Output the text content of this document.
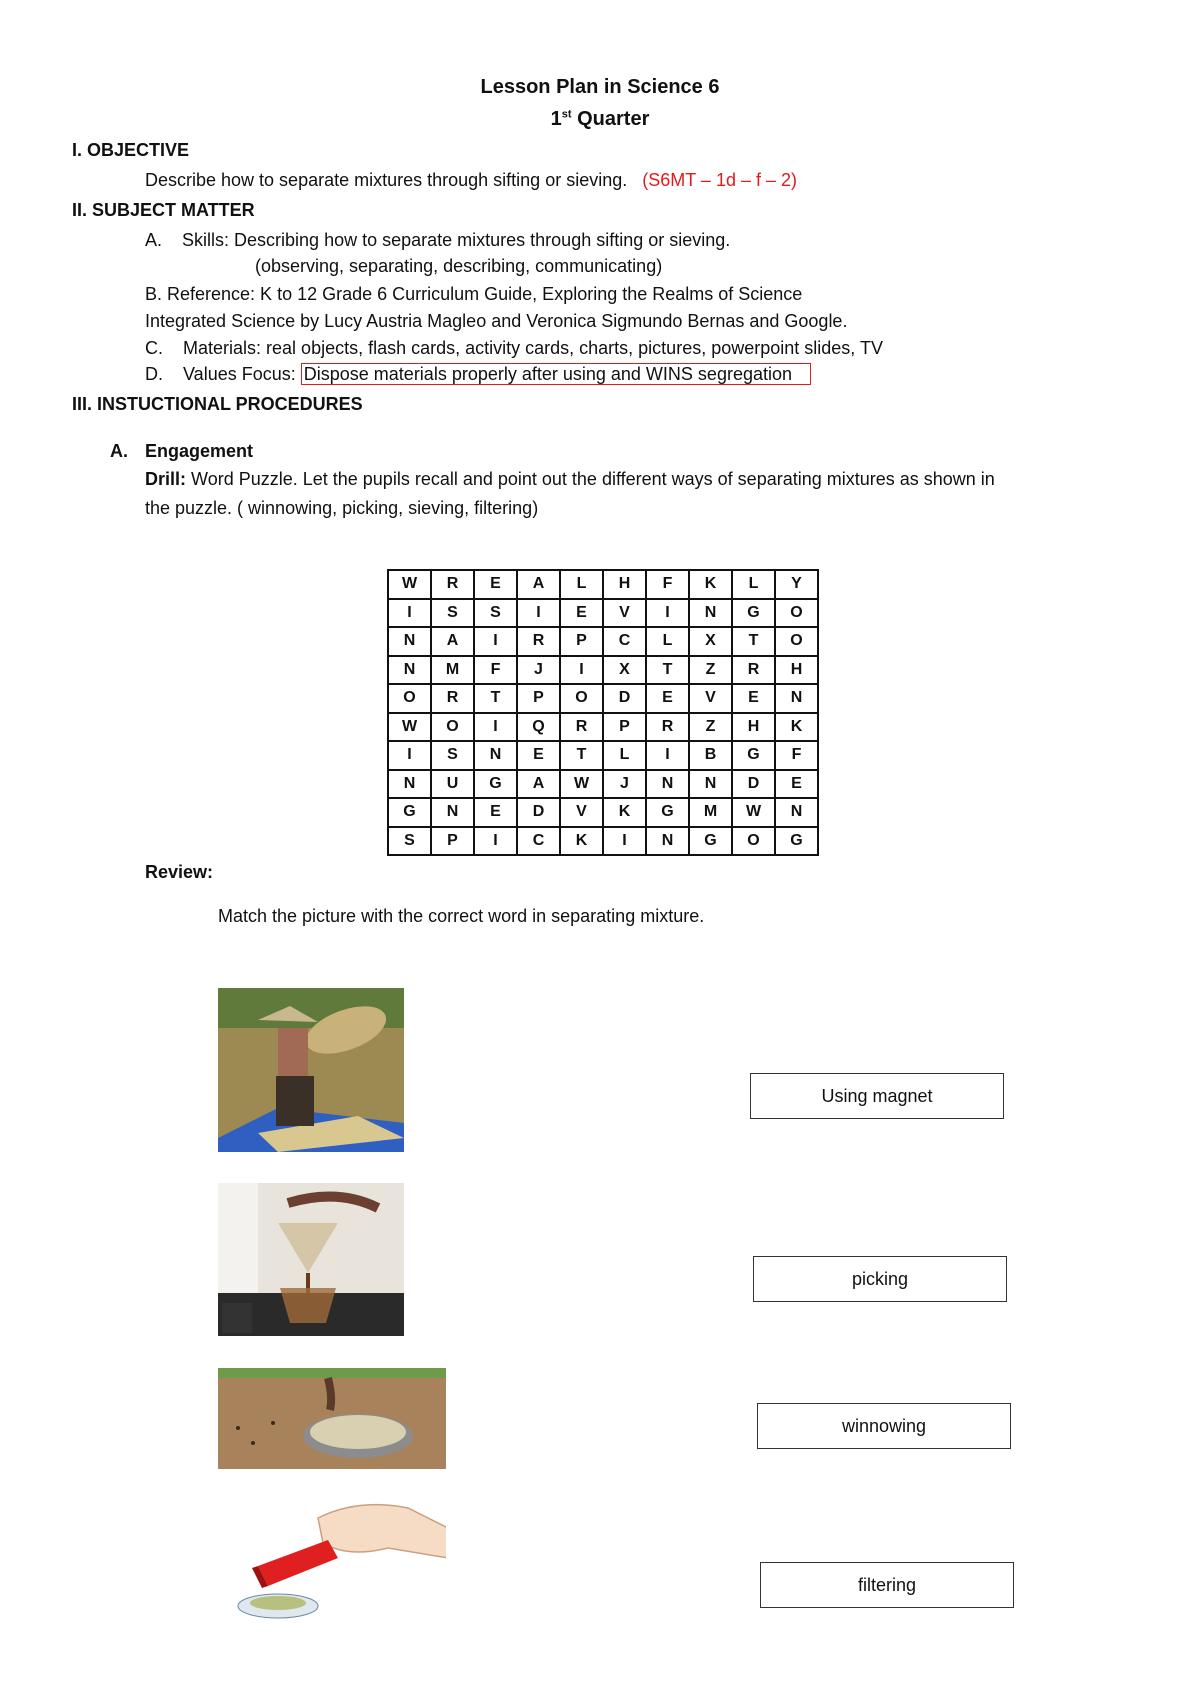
Lesson Plan in Science 6
1st Quarter
I. OBJECTIVE
Describe how to separate mixtures through sifting or sieving. (S6MT – 1d – f – 2)
II. SUBJECT MATTER
A. Skills: Describing how to separate mixtures through sifting or sieving.
(observing, separating, describing, communicating)
B. Reference: K to 12 Grade 6 Curriculum Guide, Exploring the Realms of Science
Integrated Science by Lucy Austria Magleo and Veronica Sigmundo Bernas and Google.
C. Materials: real objects, flash cards, activity cards, charts, pictures, powerpoint slides, TV
D. Values Focus: Dispose materials properly after using and WINS segregation
III. INSTUCTIONAL PROCEDURES
A. Engagement
Drill: Word Puzzle. Let the pupils recall and point out the different ways of separating mixtures as shown in
the puzzle. ( winnowing, picking, sieving, filtering)
W	R	E	A	L	H	F	K	L	Y
I	S	S	I	E	V	I	N	G	O
N	A	I	R	P	C	L	X	T	O
N	M	F	J	I	X	T	Z	R	H
O	R	T	P	O	D	E	V	E	N
W	O	I	Q	R	P	R	Z	H	K
I	S	N	E	T	L	I	B	G	F
N	U	G	A	W	J	N	N	D	E
G	N	E	D	V	K	G	M	W	N
S	P	I	C	K	I	N	G	O	G
Review:
Match the picture with the correct word in separating mixture.
Using magnet
picking
winnowing
filtering
